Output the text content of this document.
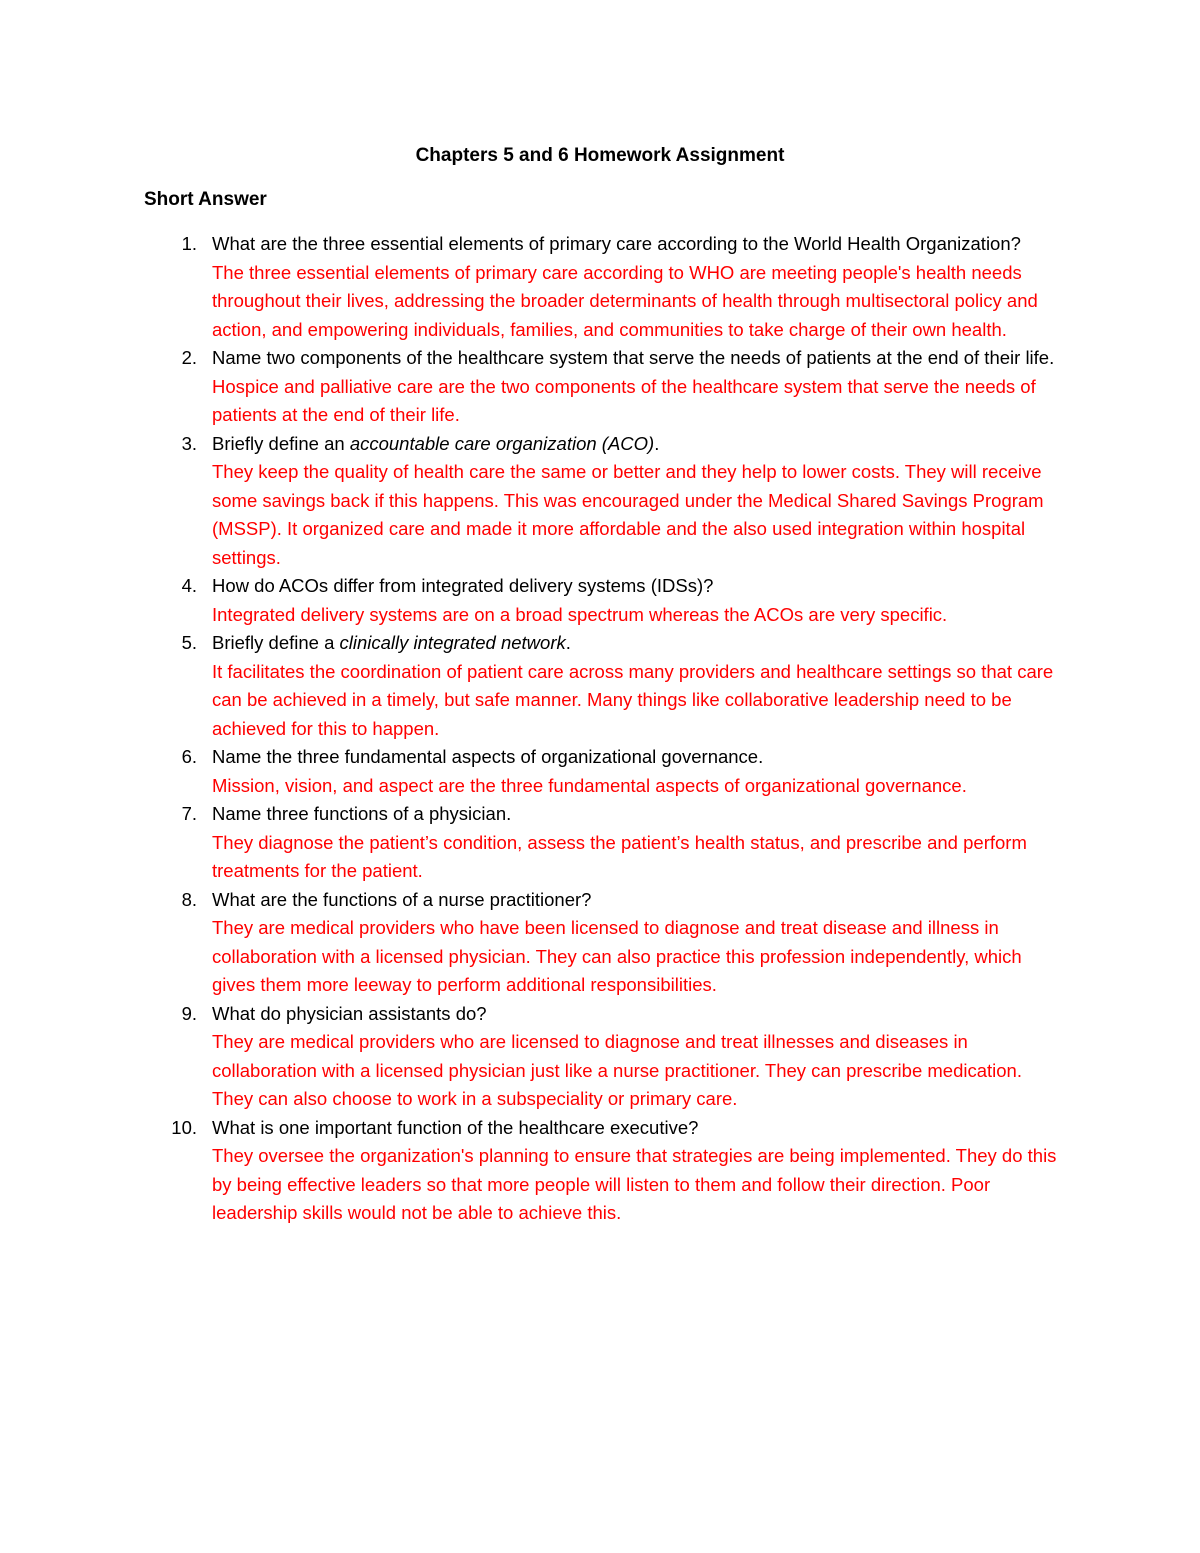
Chapters 5 and 6 Homework Assignment
Short Answer
1. What are the three essential elements of primary care according to the World Health Organization?
The three essential elements of primary care according to WHO are meeting people's health needs throughout their lives, addressing the broader determinants of health through multisectoral policy and action, and empowering individuals, families, and communities to take charge of their own health.
2. Name two components of the healthcare system that serve the needs of patients at the end of their life.
Hospice and palliative care are the two components of the healthcare system that serve the needs of patients at the end of their life.
3. Briefly define an accountable care organization (ACO).
They keep the quality of health care the same or better and they help to lower costs. They will receive some savings back if this happens. This was encouraged under the Medical Shared Savings Program (MSSP). It organized care and made it more affordable and the also used integration within hospital settings.
4. How do ACOs differ from integrated delivery systems (IDSs)?
Integrated delivery systems are on a broad spectrum whereas the ACOs are very specific.
5. Briefly define a clinically integrated network.
It facilitates the coordination of patient care across many providers and healthcare settings so that care can be achieved in a timely, but safe manner. Many things like collaborative leadership need to be achieved for this to happen.
6. Name the three fundamental aspects of organizational governance.
Mission, vision, and aspect are the three fundamental aspects of organizational governance.
7. Name three functions of a physician.
They diagnose the patient’s condition, assess the patient’s health status, and prescribe and perform treatments for the patient.
8. What are the functions of a nurse practitioner?
They are medical providers who have been licensed to diagnose and treat disease and illness in collaboration with a licensed physician. They can also practice this profession independently, which gives them more leeway to perform additional responsibilities.
9. What do physician assistants do?
They are medical providers who are licensed to diagnose and treat illnesses and diseases in collaboration with a licensed physician just like a nurse practitioner. They can prescribe medication. They can also choose to work in a subspeciality or primary care.
10. What is one important function of the healthcare executive?
They oversee the organization's planning to ensure that strategies are being implemented. They do this by being effective leaders so that more people will listen to them and follow their direction. Poor leadership skills would not be able to achieve this.
